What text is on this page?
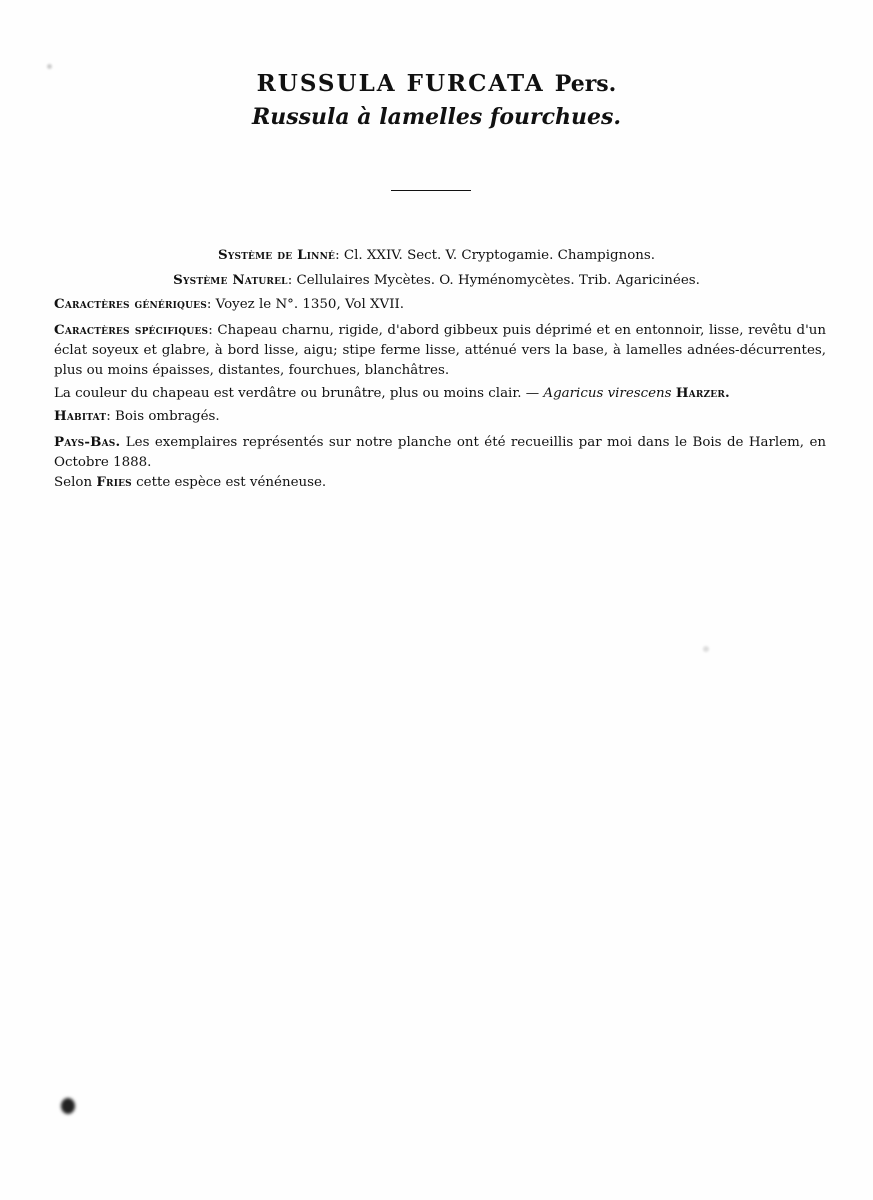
RUSSULA FURCATA Pers.
Russula à lamelles fourchues.
Système de Linné: Cl. XXIV. Sect. V. Cryptogamie. Champignons.
Système Naturel: Cellulaires Mycètes. O. Hyménomycètes. Trib. Agaricinées.
Caractères génériques: Voyez le N°. 1350, Vol XVII.
Caractères spécifiques: Chapeau charnu, rigide, d'abord gibbeux puis déprimé et en entonnoir, lisse, revêtu d'un éclat soyeux et glabre, à bord lisse, aigu; stipe ferme lisse, atténué vers la base, à lamelles adnées-décurrentes, plus ou moins épaisses, distantes, fourchues, blanchâtres.
La couleur du chapeau est verdâtre ou brunâtre, plus ou moins clair. — Agaricus virescens Harzer.
Habitat: Bois ombragés.
Pays-Bas. Les exemplaires représentés sur notre planche ont été recueillis par moi dans le Bois de Harlem, en Octobre 1888.
Selon Fries cette espèce est vénéneuse.
